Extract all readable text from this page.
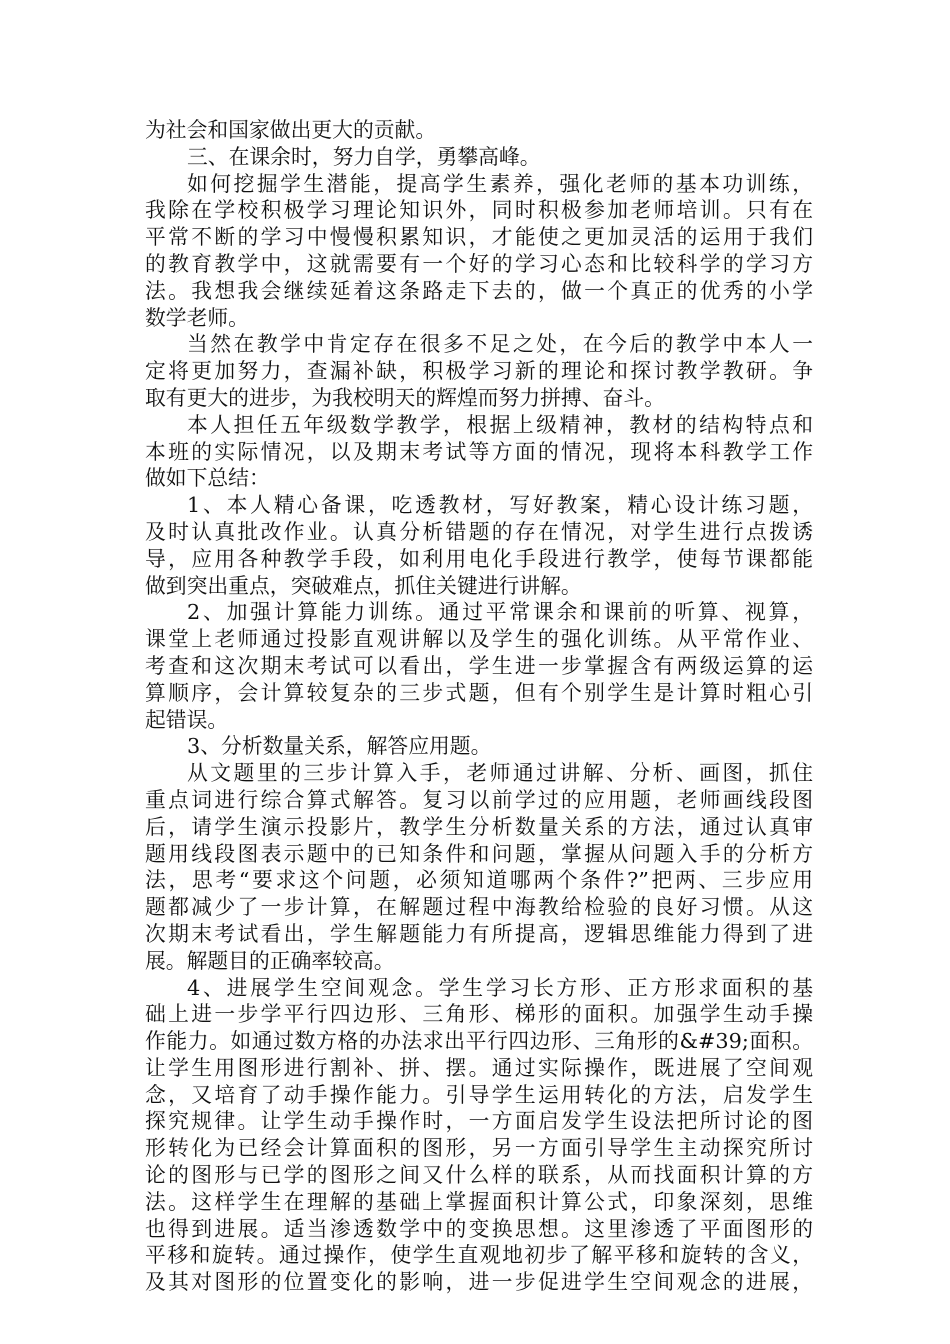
为社会和国家做出更大的贡献。
三、在课余时，努力自学，勇攀高峰。
如何挖掘学生潜能，提高学生素养，强化老师的基本功训练，
我除在学校积极学习理论知识外，同时积极参加老师培训。只有在
平常不断的学习中慢慢积累知识，才能使之更加灵活的运用于我们
的教育教学中，这就需要有一个好的学习心态和比较科学的学习方
法。我想我会继续延着这条路走下去的，做一个真正的优秀的小学
数学老师。
当然在教学中肯定存在很多不足之处，在今后的教学中本人一
定将更加努力，查漏补缺，积极学习新的理论和探讨教学教研。争
取有更大的进步，为我校明天的辉煌而努力拼搏、奋斗。
本人担任五年级数学教学，根据上级精神，教材的结构特点和
本班的实际情况，以及期末考试等方面的情况，现将本科教学工作
做如下总结：
1、本人精心备课，吃透教材，写好教案，精心设计练习题，
及时认真批改作业。认真分析错题的存在情况，对学生进行点拨诱
导，应用各种教学手段，如利用电化手段进行教学，使每节课都能
做到突出重点，突破难点，抓住关键进行讲解。
2、加强计算能力训练。通过平常课余和课前的听算、视算，
课堂上老师通过投影直观讲解以及学生的强化训练。从平常作业、
考查和这次期末考试可以看出，学生进一步掌握含有两级运算的运
算顺序，会计算较复杂的三步式题，但有个别学生是计算时粗心引
起错误。
3、分析数量关系，解答应用题。
从文题里的三步计算入手，老师通过讲解、分析、画图，抓住
重点词进行综合算式解答。复习以前学过的应用题，老师画线段图
后，请学生演示投影片，教学生分析数量关系的方法，通过认真审
题用线段图表示题中的已知条件和问题，掌握从问题入手的分析方
法，思考“要求这个问题，必须知道哪两个条件?”把两、三步应用
题都减少了一步计算，在解题过程中海教给检验的良好习惯。从这
次期末考试看出，学生解题能力有所提高，逻辑思维能力得到了进
展。解题目的正确率较高。
4、进展学生空间观念。学生学习长方形、正方形求面积的基
础上进一步学平行四边形、三角形、梯形的面积。加强学生动手操
作能力。如通过数方格的办法求出平行四边形、三角形的&#39;面积。
让学生用图形进行割补、拼、摆。通过实际操作，既进展了空间观
念，又培育了动手操作能力。引导学生运用转化的方法，启发学生
探究规律。让学生动手操作时，一方面启发学生设法把所讨论的图
形转化为已经会计算面积的图形，另一方面引导学生主动探究所讨
论的图形与已学的图形之间又什么样的联系，从而找面积计算的方
法。这样学生在理解的基础上掌握面积计算公式，印象深刻，思维
也得到进展。适当渗透数学中的变换思想。这里渗透了平面图形的
平移和旋转。通过操作，使学生直观地初步了解平移和旋转的含义，
及其对图形的位置变化的影响，进一步促进学生空间观念的进展，
